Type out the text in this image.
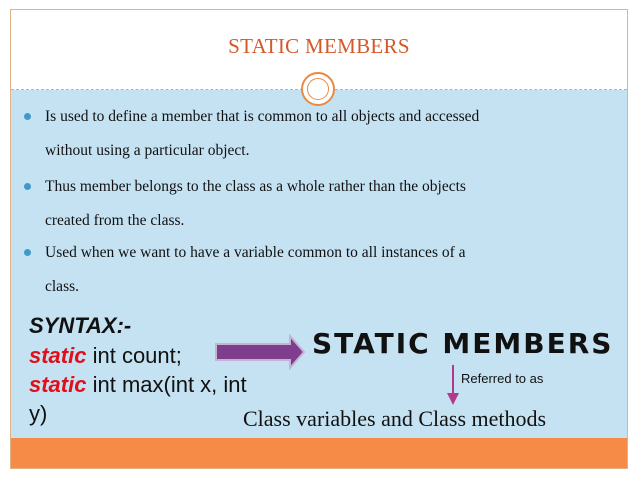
STATIC MEMBERS
Is used to define a member that is common to all objects and accessed
without using a particular object.
Thus member belongs to the class as a whole rather than the objects
created from the class.
Used when we want to have a variable common to all instances of a
class.
SYNTAX:-
static int count;
static int max(int x, int
y)
STATIC MEMBERS
Referred to as
Class variables and Class methods
